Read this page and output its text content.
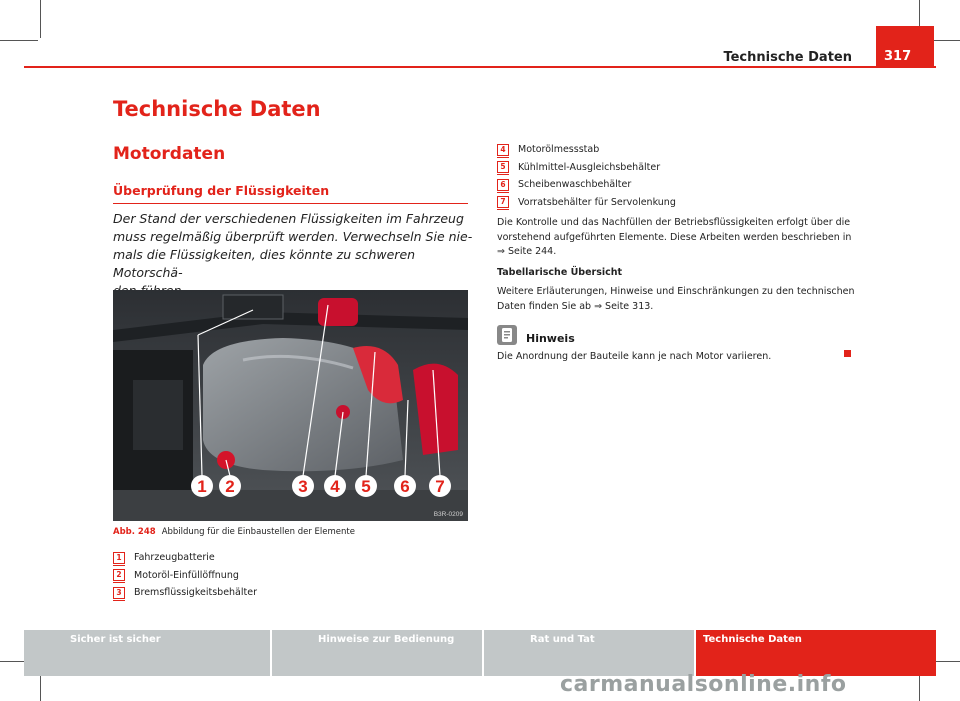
Technische Daten 317
Technische Daten
Motordaten
Überprüfung der Flüssigkeiten
Der Stand der verschiedenen Flüssigkeiten im Fahrzeug
muss regelmäßig überprüft werden. Verwechseln Sie nie-
mals die Flüssigkeiten, dies könnte zu schweren Motorschä-
1 2	3 4 5 6 7
B3R-0209
Abb. 248 Abbildung für die Einbaustellen der Elemente
1	Fahrzeugbatterie
2	Motoröl-Einfüllöffnung
3	Bremsflüssigkeitsbehälter
4	Motorölmessstab
5	Kühlmittel-Ausgleichsbehälter
6	Scheibenwaschbehälter
7	Vorratsbehälter für Servolenkung
Die Kontrolle und das Nachfüllen der Betriebsflüssigkeiten erfolgt über die
vorstehend aufgeführten Elemente. Diese Arbeiten werden beschrieben in
⇒ Seite 244.
Tabellarische Übersicht
Weitere Erläuterungen, Hinweise und Einschränkungen zu den technischen
Daten finden Sie ab ⇒ Seite 313.
Hinweis
Die Anordnung der Bauteile kann je nach Motor variieren.
Sicher ist sicher	Hinweise zur Bedienung	Rat und Tat	Technische Daten
carmanualsonline.info
